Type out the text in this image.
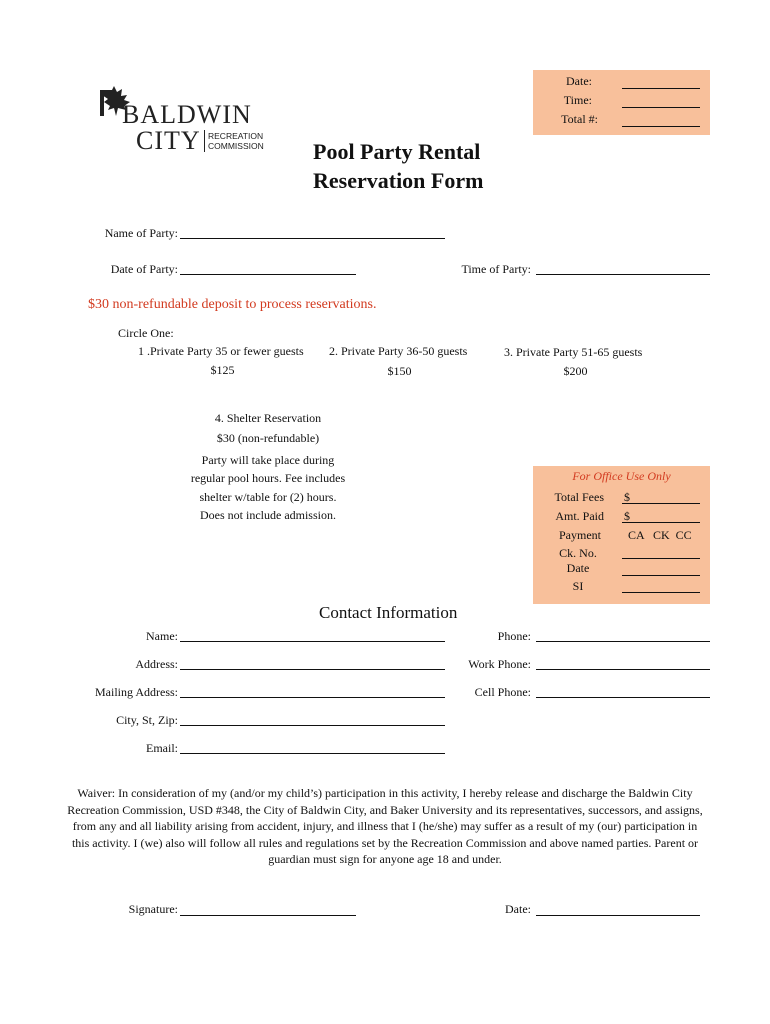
BALDWIN
CITY RECREATION
COMMISSION
Date:
Time:
Total #:
Pool Party Rental
Reservation Form
Name of Party:
Date of Party:	Time of Party:
$30 non-refundable deposit to process reservations.
Circle One:
1 .Private Party 35 or fewer guests
$125
2. Private Party 36-50 guests
$150
3. Private Party 51-65 guests
$200
4. Shelter Reservation
$30 (non-refundable)
Party will take place during
regular pool hours. Fee includes
shelter w/table for (2) hours.
Does not include admission.
For Office Use Only
Total Fees $
Amt. Paid $
Payment CA   CK  CC
Ck. No.
Date
SI
Contact Information
Name:
Address:
Mailing Address:
City, St, Zip:
Email:
Phone:
Work Phone:
Cell Phone:
Waiver: In consideration of my (and/or my child’s) participation in this activity, I hereby release and discharge the Baldwin City Recreation Commission, USD #348, the City of Baldwin City, and Baker University and its representatives, successors, and assigns, from any and all liability arising from accident, injury, and illness that I (he/she) may suffer as a result of my (our) participation in this activity. I (we) also will follow all rules and regulations set by the Recreation Commission and above named parties. Parent or guardian must sign for anyone age 18 and under.
Signature:	Date:
